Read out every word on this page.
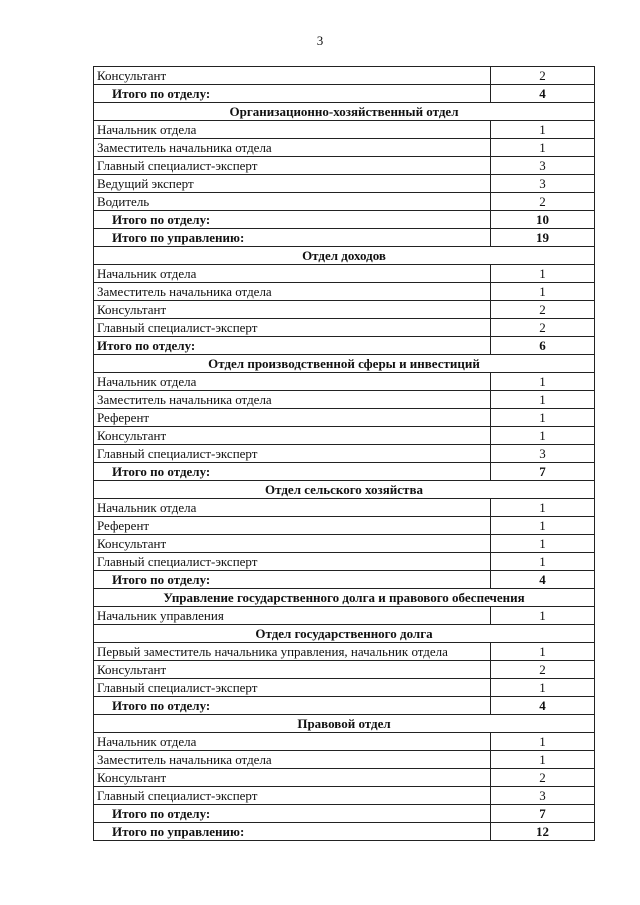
3
Консультант	2
Итого по отделу:	4
Организационно-хозяйственный отдел	
Начальник отдела	1
Заместитель начальника отдела	1
Главный специалист-эксперт	3
Ведущий эксперт	3
Водитель	2
Итого по отделу:	10
Итого по управлению:	19
Отдел доходов	
Начальник отдела	1
Заместитель начальника отдела	1
Консультант	2
Главный специалист-эксперт	2
Итого по отделу:	6
Отдел производственной сферы и инвестиций	
Начальник отдела	1
Заместитель начальника отдела	1
Референт	1
Консультант	1
Главный специалист-эксперт	3
Итого по отделу:	7
Отдел сельского хозяйства	
Начальник отдела	1
Референт	1
Консультант	1
Главный специалист-эксперт	1
Итого по отделу:	4
Управление государственного долга и правового обеспечения	
Начальник управления	1
Отдел государственного долга	
Первый заместитель начальника управления, начальник отдела	1
Консультант	2
Главный специалист-эксперт	1
Итого по отделу:	4
Правовой отдел	
Начальник отдела	1
Заместитель начальника отдела	1
Консультант	2
Главный специалист-эксперт	3
Итого по отделу:	7
Итого по управлению:	12
